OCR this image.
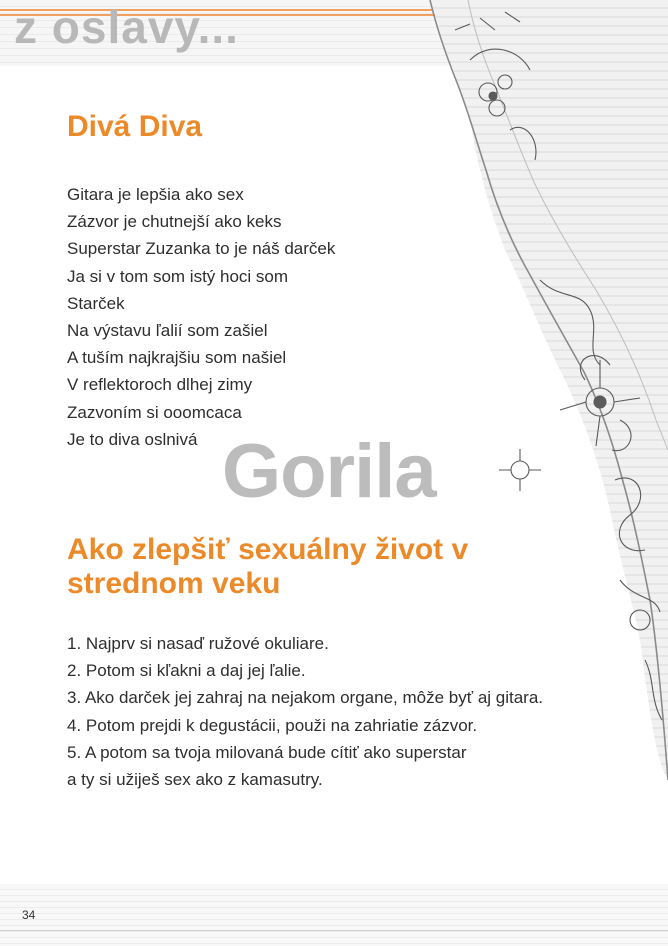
z oslavy...
Divá Diva
Gitara je lepšia ako sex
Zázvor je chutnejší ako keks
Superstar Zuzanka to je náš darček
Ja si v tom som istý hoci som
Starček
Na výstavu ľalií som zašiel
A tuším najkrajšiu som našiel
V reflektoroch dlhej zimy
Zazvoním si ooomcaca
Je to diva oslnivá Gorila
Ako zlepšiť sexuálny život v strednom veku
1. Najprv si nasaď ružové okuliare.
2. Potom si kľakni a daj jej ľalie.
3. Ako darček jej zahraj na nejakom organe, môže byť aj gitara.
4. Potom prejdi k degustácii, použi na zahriatie zázvor.
5. A potom sa tvoja milovaná bude cítiť ako superstar
a ty si užiješ sex ako z kamasutry.
34
